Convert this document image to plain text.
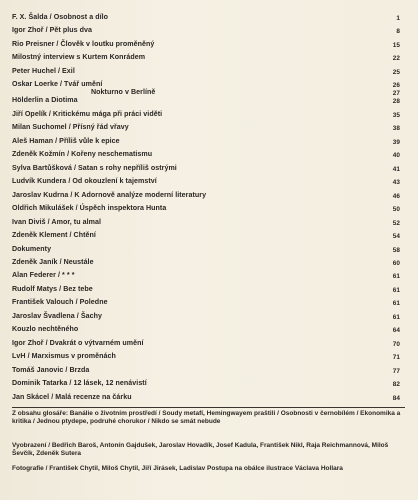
F. X. Šalda / Osobnost a dílo	1
Igor Zhoř / Pět plus dva	8
Rio Preisner / Člověk v loutku proměněný	15
Milostný interview s Kurtem Konrádem	22
Peter Huchel / Exil	25
Oskar Loerke / Tvář umění	26
Nokturno v Berlíně	27
Hölderlin a Diotima	28
Jiří Opelík / Kritickému mága při práci viděti	35
Milan Suchomel / Přísný řád vřavy	38
Aleš Haman / Příliš vůle k epice	39
Zdeněk Kožmín / Kořeny neschematismu	40
Sylva Bartůšková / Satan s rohy nepříliš ostrými	41
Ludvík Kundera / Od okouzlení k tajemství	43
Jaroslav Kudrna / K Adornově analýze moderní literatury	46
Oldřich Mikulášek / Úspěch inspektora Hunta	50
Ivan Diviš / Amor, tu almal	52
Zdeněk Klement / Chtění	54
Dokumenty	58
Zdeněk Janík / Neustále	60
Alan Federer / * * *	61
Rudolf Matys / Bez tebe	61
František Valouch / Poledne	61
Jaroslav Švadlena / Šachy	61
Kouzlo nechtěného	64
Igor Zhoř / Dvakrát o výtvarném umění	70
LvH / Marxismus v proměnách	71
Tomáš Janovic / Brzda	77
Dominik Tatarka / 12 lásek, 12 nenávistí	82
Jan Skácel / Malá recenze na čárku	84

Z obsahu glosáře: Banálie o životním prostředí / Soudy metafí, Hemingwayem praštili / Osobnosti v černobílém / Ekonomika a kritika / Jednou ptydepe, podruhé chorukor / Nikdo se smát nebude

Vyobrazení / Bedřich Baroš, Antonín Gajdušek, Jaroslav Hovadík, Josef Kadula, František Nikl, Raja Reichmannová, Miloš Ševčík, Zdeněk Sutera

Fotografie / František Chytil, Miloš Chytil, Jiří Jirásek, Ladislav Postupa na obálce ilustrace Václava Hollara
